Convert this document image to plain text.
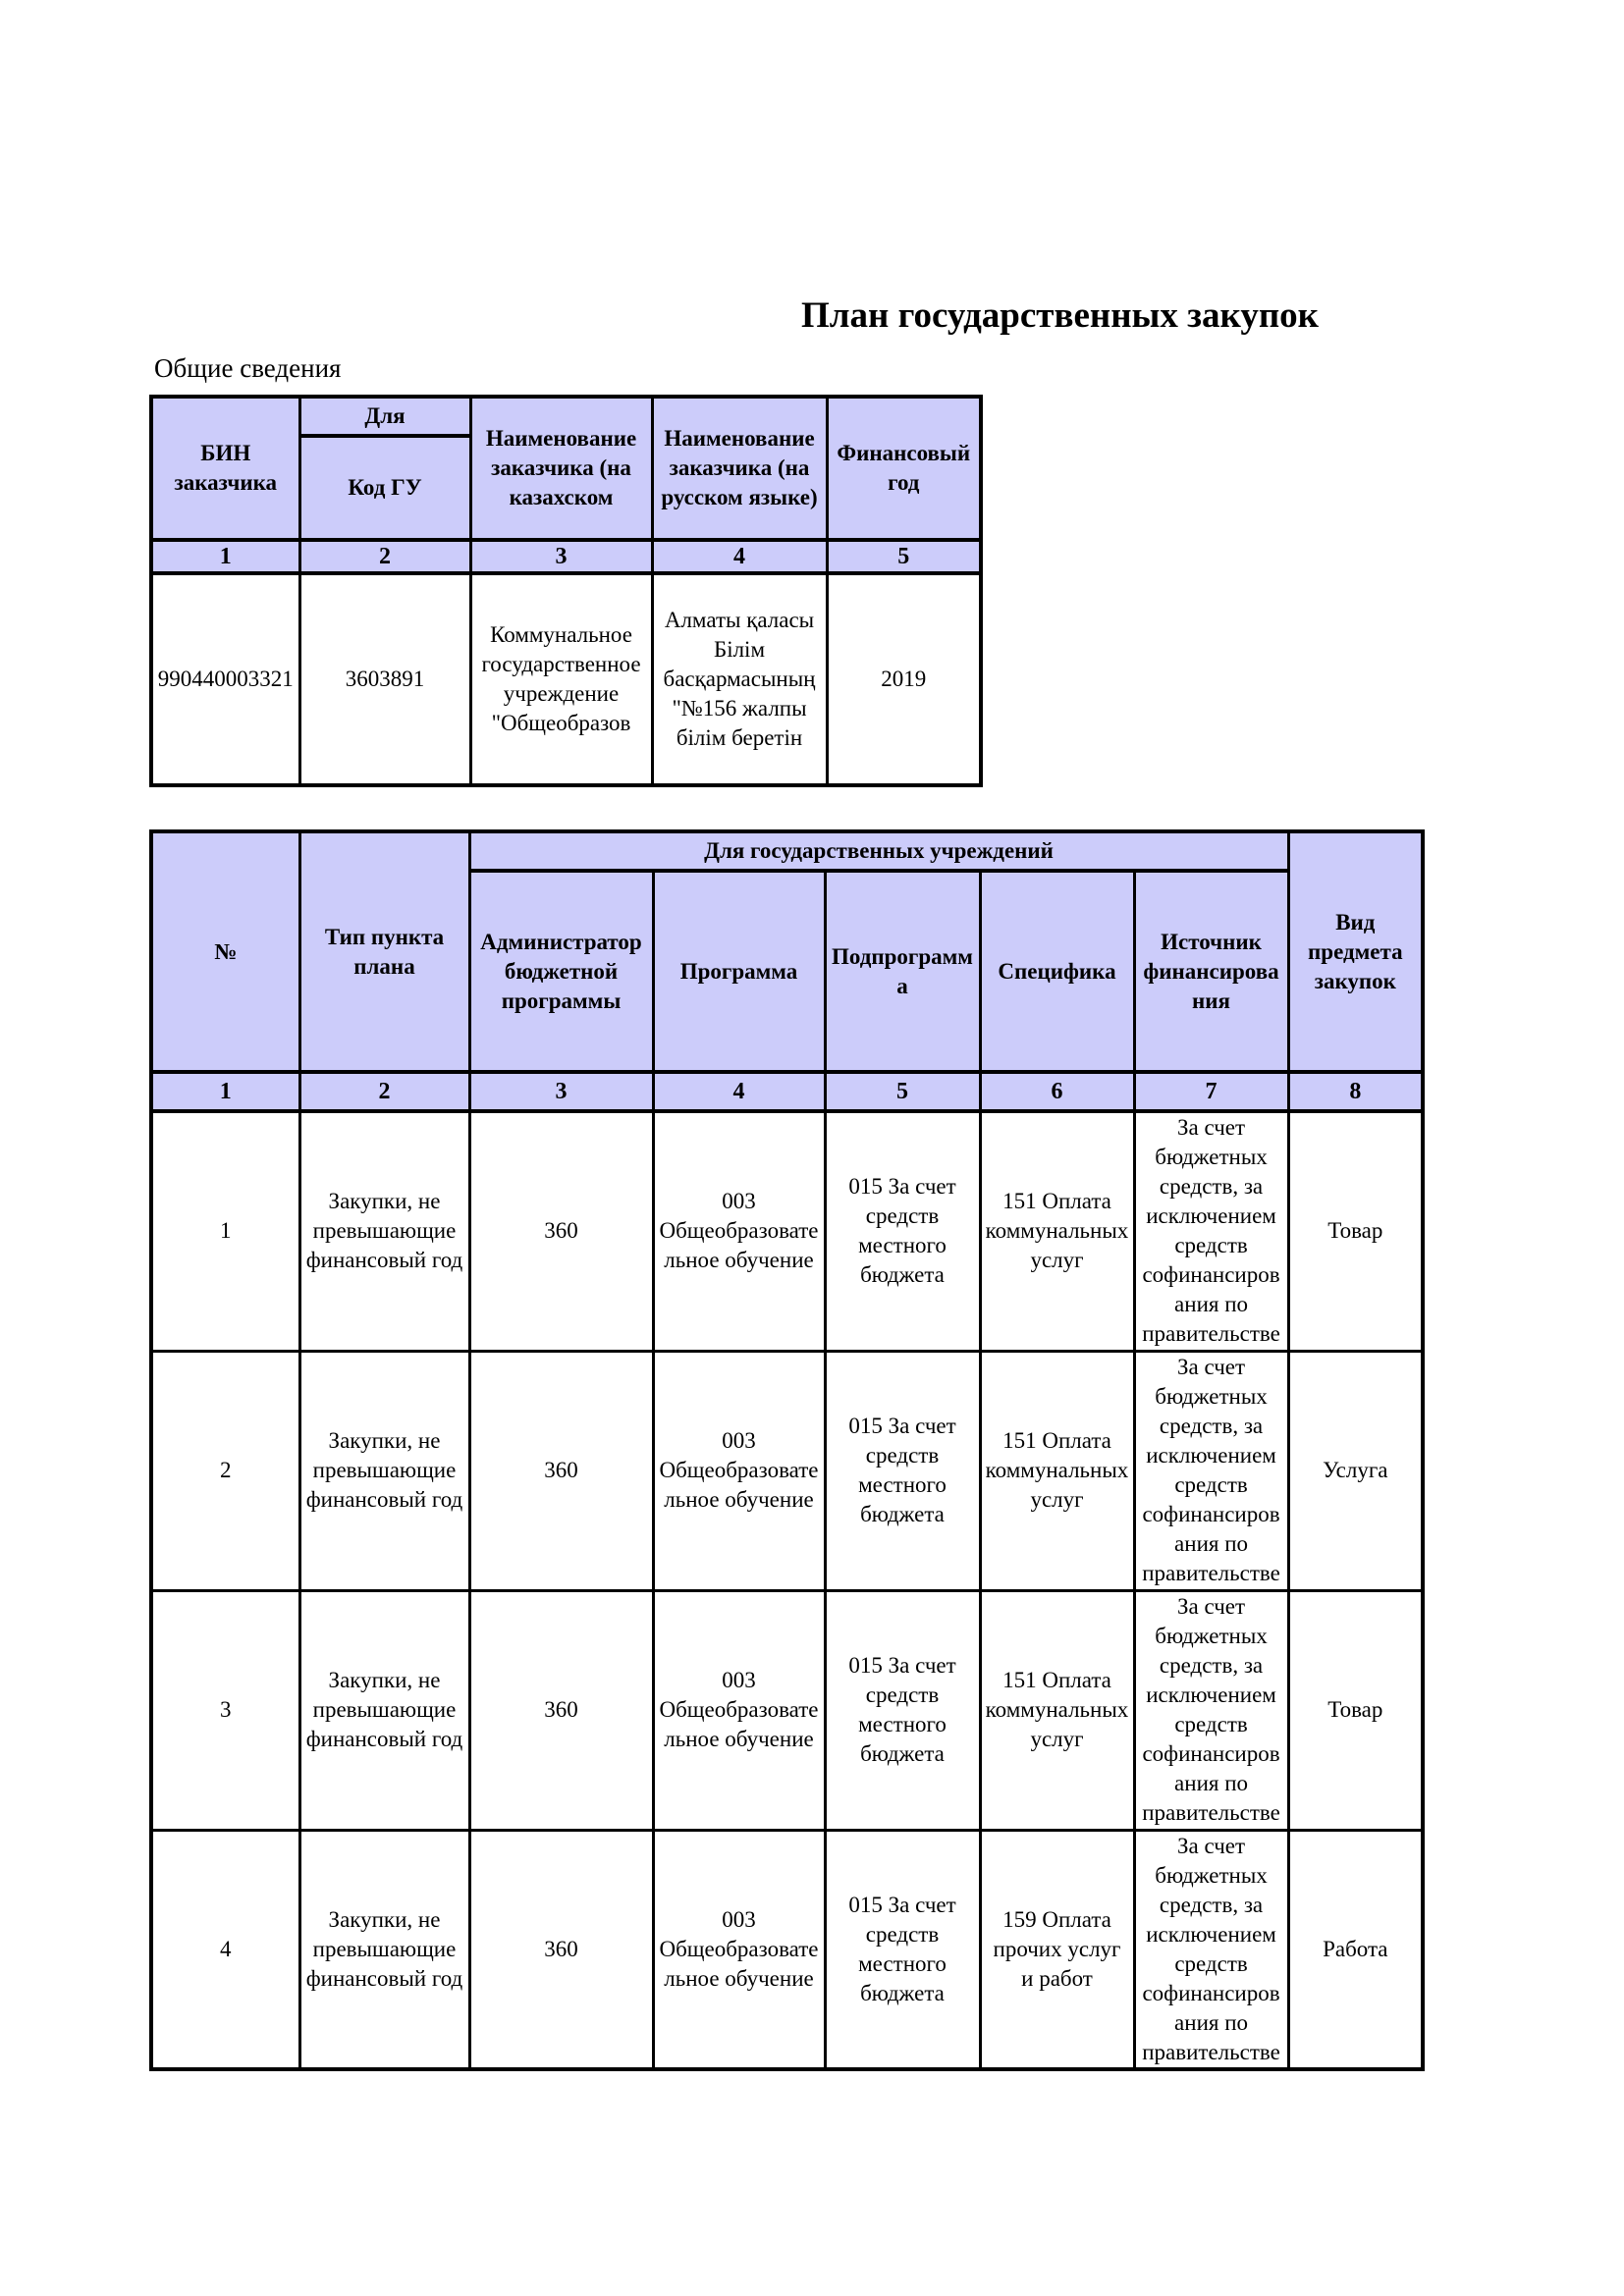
План государственных закупок
Общие сведения
БИН заказчика	Для	Наименование заказчика (на казахском	Наименование заказчика (на русском языке)	Финансовый год
	Код ГУ			
1	2	3	4	5
990440003321	3603891	Коммунальное государственное учреждение "Общеобразов	Алматы қаласы Білім басқармасының "№156 жалпы білім беретін	2019
№	Тип пункта плана	Для государственных учреждений					Вид предмета закупок
		Администратор бюджетной программы	Программа	Подпрограмма	Специфика	Источник финансирования	
1	2	3	4	5	6	7	8
1	Закупки, не превышающие финансовый год	360	003 Общеобразовательное обучение	015 За счет средств местного бюджета	151 Оплата коммунальных услуг	За счет бюджетных средств, за исключением средств софинансирования по правительстве	Товар
2	Закупки, не превышающие финансовый год	360	003 Общеобразовательное обучение	015 За счет средств местного бюджета	151 Оплата коммунальных услуг	За счет бюджетных средств, за исключением средств софинансирования по правительстве	Услуга
3	Закупки, не превышающие финансовый год	360	003 Общеобразовательное обучение	015 За счет средств местного бюджета	151 Оплата коммунальных услуг	За счет бюджетных средств, за исключением средств софинансирования по правительстве	Товар
4	Закупки, не превышающие финансовый год	360	003 Общеобразовательное обучение	015 За счет средств местного бюджета	159 Оплата прочих услуг и работ	За счет бюджетных средств, за исключением средств софинансирования по правительстве	Работа
